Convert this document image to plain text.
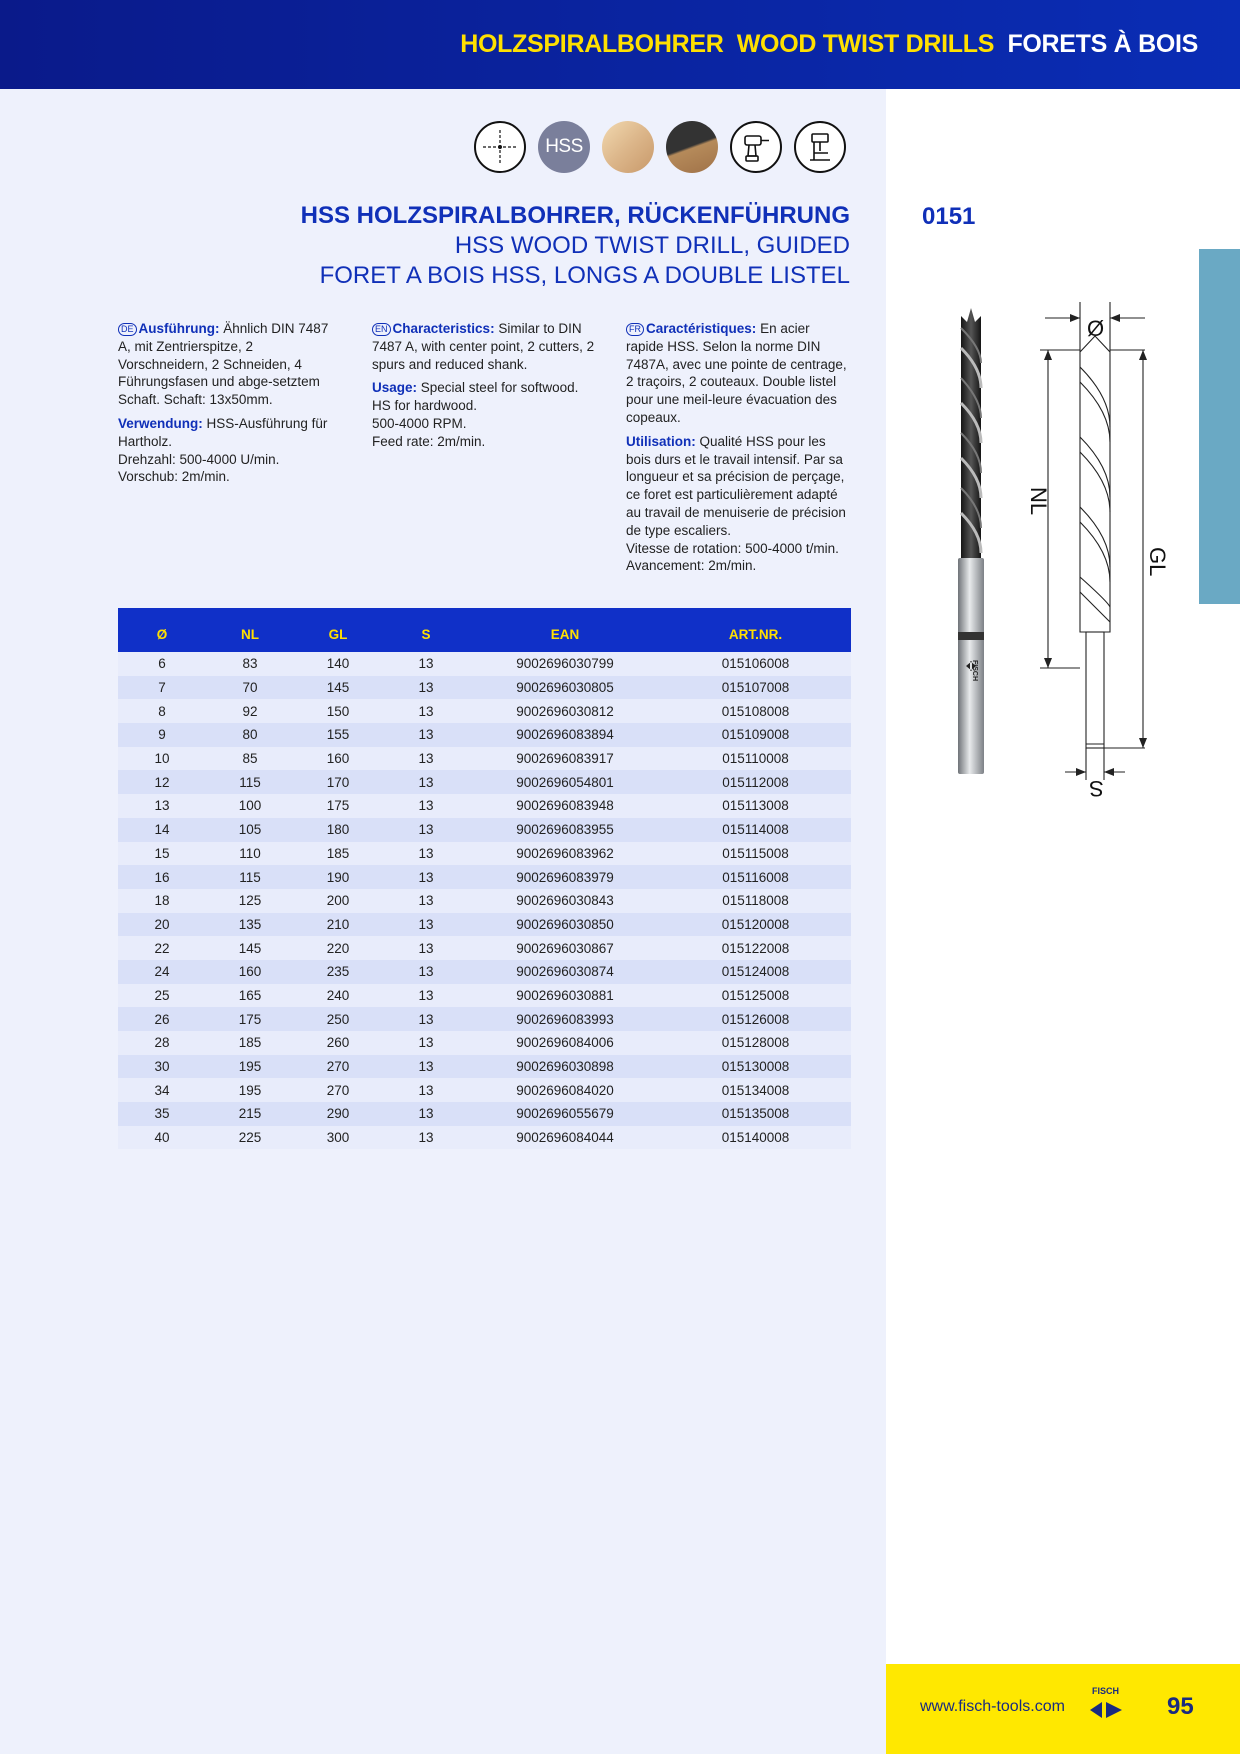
HOLZSPIRALBOHRER WOOD TWIST DRILLS FORETS À BOIS
HSS
HSS HOLZSPIRALBOHRER, RÜCKENFÜHRUNG
HSS WOOD TWIST DRILL, GUIDED
FORET A BOIS HSS, LONGS A DOUBLE LISTEL
0151

DE Ausführung: Ähnlich DIN 7487 A, mit Zentrierspitze, 2 Vorschneidern, 2 Schneiden, 4 Führungsfasen und abge-setztem Schaft. Schaft: 13x50mm.

Verwendung: HSS-Ausführung für Hartholz.
Drehzahl: 500-4000 U/min.
Vorschub: 2m/min.

EN Characteristics: Similar to DIN 7487 A, with center point, 2 cutters, 2 spurs and reduced shank.

Usage: Special steel for softwood.
HS for hardwood.
500-4000 RPM.
Feed rate: 2m/min.

FR Caractéristiques: En acier rapide HSS. Selon la norme DIN 7487A, avec une pointe de centrage, 2 traçoirs, 2 couteaux. Double listel pour une meil-leure évacuation des copeaux.

Utilisation: Qualité HSS pour les bois durs et le travail intensif. Par sa longueur et sa précision de perçage, ce foret est particulièrement adapté au travail de menuiserie de précision de type escaliers.
Vitesse de rotation: 500-4000 t/min.
Avancement: 2m/min.

Ø	NL	GL	S	EAN	ART.NR.
6	83	140	13	9002696030799	015106008
7	70	145	13	9002696030805	015107008
8	92	150	13	9002696030812	015108008
9	80	155	13	9002696083894	015109008
10	85	160	13	9002696083917	015110008
12	115	170	13	9002696054801	015112008
13	100	175	13	9002696083948	015113008
14	105	180	13	9002696083955	015114008
15	110	185	13	9002696083962	015115008
16	115	190	13	9002696083979	015116008
18	125	200	13	9002696030843	015118008
20	135	210	13	9002696030850	015120008
22	145	220	13	9002696030867	015122008
24	160	235	13	9002696030874	015124008
25	165	240	13	9002696030881	015125008
26	175	250	13	9002696083993	015126008
28	185	260	13	9002696084006	015128008
30	195	270	13	9002696030898	015130008
34	195	270	13	9002696084020	015134008
35	215	290	13	9002696055679	015135008
40	225	300	13	9002696084044	015140008
FISCH
Ø
NL
GL
S
www.fisch-tools.com
FISCH
95
